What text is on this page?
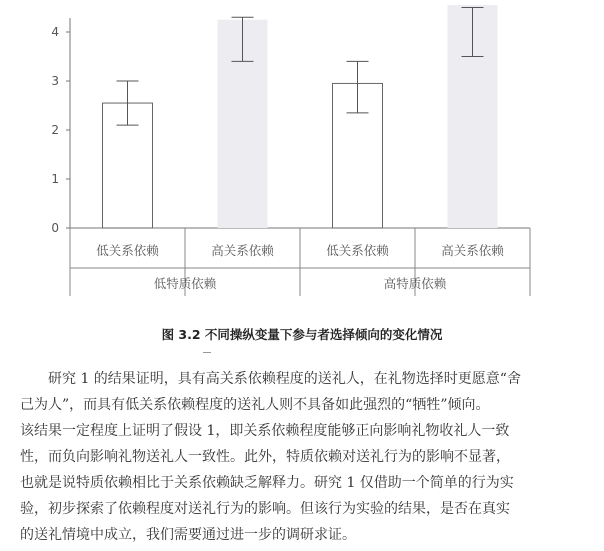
0
1
2
3
4
低关系依赖	高关系依赖	低关系依赖	高关系依赖
低特质依赖	高特质依赖
图 3.2 不同操纵变量下参与者选择倾向的变化情况
研究 1 的结果证明，具有高关系依赖程度的送礼人，在礼物选择时更愿意“舍
己为人”，而具有低关系依赖程度的送礼人则不具备如此强烈的“牺牲”倾向。
该结果一定程度上证明了假设 1，即关系依赖程度能够正向影响礼物收礼人一致
性，而负向影响礼物送礼人一致性。此外，特质依赖对送礼行为的影响不显著，
也就是说特质依赖相比于关系依赖缺乏解释力。研究 1 仅借助一个简单的行为实
验，初步探索了依赖程度对送礼行为的影响。但该行为实验的结果，是否在真实
的送礼情境中成立，我们需要通过进一步的调研求证。
